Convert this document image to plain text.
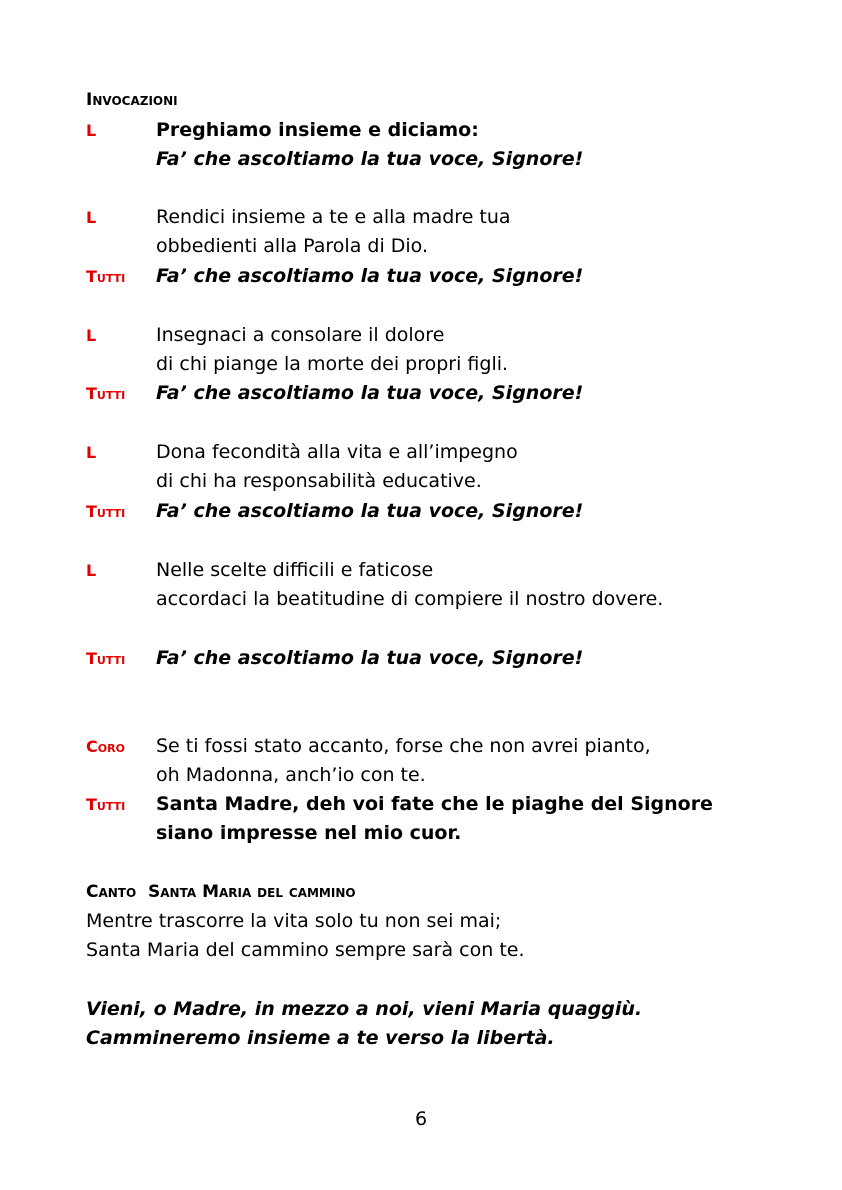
Invocazioni
L	Preghiamo insieme e diciamo:
Fa’ che ascoltiamo la tua voce, Signore!
L	Rendici insieme a te e alla madre tua
obbedienti alla Parola di Dio.
Tutti Fa’ che ascoltiamo la tua voce, Signore!
L	Insegnaci a consolare il dolore
di chi piange la morte dei propri figli.
Tutti Fa’ che ascoltiamo la tua voce, Signore!
L	Dona fecondità alla vita e all’impegno
di chi ha responsabilità educative.
Tutti Fa’ che ascoltiamo la tua voce, Signore!
L	Nelle scelte difficili e faticose
accordaci la beatitudine di compiere il nostro dovere.
Tutti Fa’ che ascoltiamo la tua voce, Signore!
Coro Se ti fossi stato accanto, forse che non avrei pianto,
oh Madonna, anch’io con te.
Tutti Santa Madre, deh voi fate che le piaghe del Signore
siano impresse nel mio cuor.
Canto  Santa Maria del cammino
Mentre trascorre la vita solo tu non sei mai;
Santa Maria del cammino sempre sarà con te.
Vieni, o Madre, in mezzo a noi, vieni Maria quaggiù.
Cammineremo insieme a te verso la libertà.
6
